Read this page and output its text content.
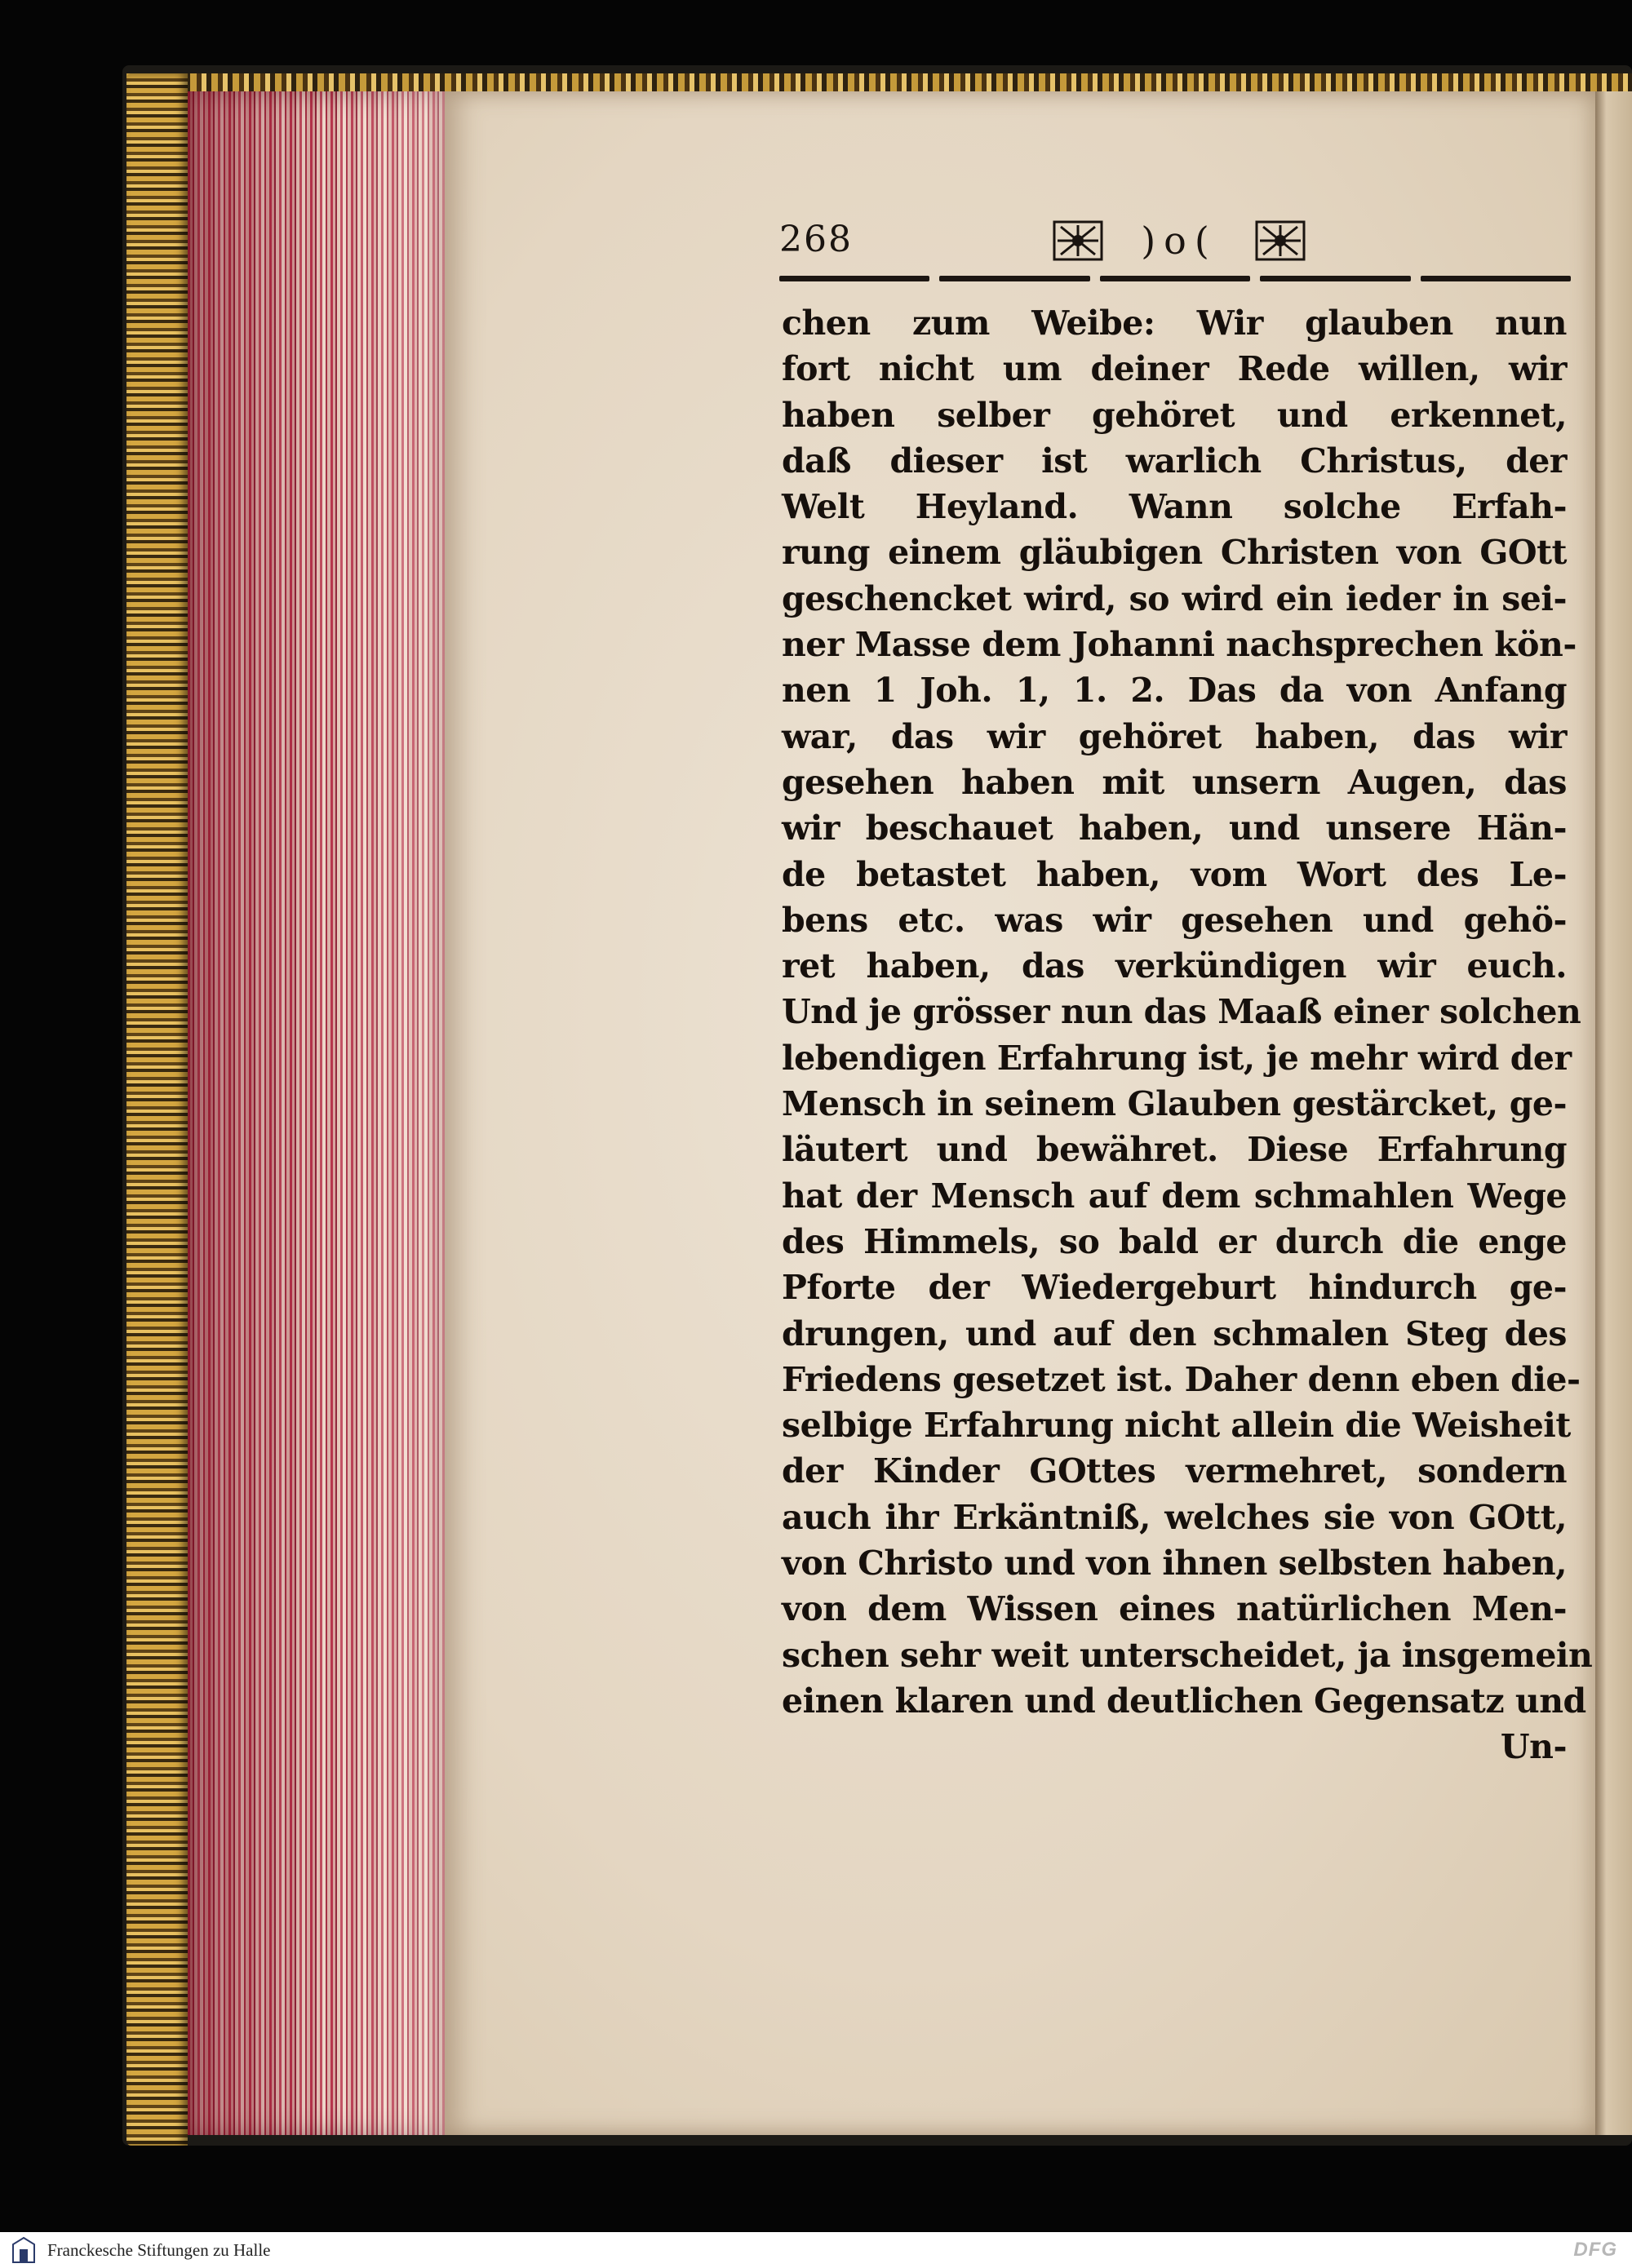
268	)o(
chen zum Weibe: Wir glauben nun
fort nicht um deiner Rede willen, wir
haben selber gehöret und erkennet,
daß dieser ist warlich Christus, der
Welt Heyland. Wann solche Erfah-
rung einem gläubigen Christen von GOtt
geschencket wird, so wird ein ieder in sei-
ner Masse dem Johanni nachsprechen kön-
nen 1 Joh. 1, 1. 2. Das da von Anfang
war, das wir gehöret haben, das wir
gesehen haben mit unsern Augen, das
wir beschauet haben, und unsere Hän-
de betastet haben, vom Wort des Le-
bens etc. was wir gesehen und gehö-
ret haben, das verkündigen wir euch.
Und je grösser nun das Maaß einer solchen
lebendigen Erfahrung ist, je mehr wird der
Mensch in seinem Glauben gestärcket, ge-
läutert und bewähret. Diese Erfahrung
hat der Mensch auf dem schmahlen Wege
des Himmels, so bald er durch die enge
Pforte der Wiedergeburt hindurch ge-
drungen, und auf den schmalen Steg des
Friedens gesetzet ist. Daher denn eben die-
selbige Erfahrung nicht allein die Weisheit
der Kinder GOttes vermehret, sondern
auch ihr Erkäntniß, welches sie von GOtt,
von Christo und von ihnen selbsten haben,
von dem Wissen eines natürlichen Men-
schen sehr weit unterscheidet, ja insgemein
einen klaren und deutlichen Gegensatz und
Un-
Franckesche Stiftungen zu Halle	DFG
